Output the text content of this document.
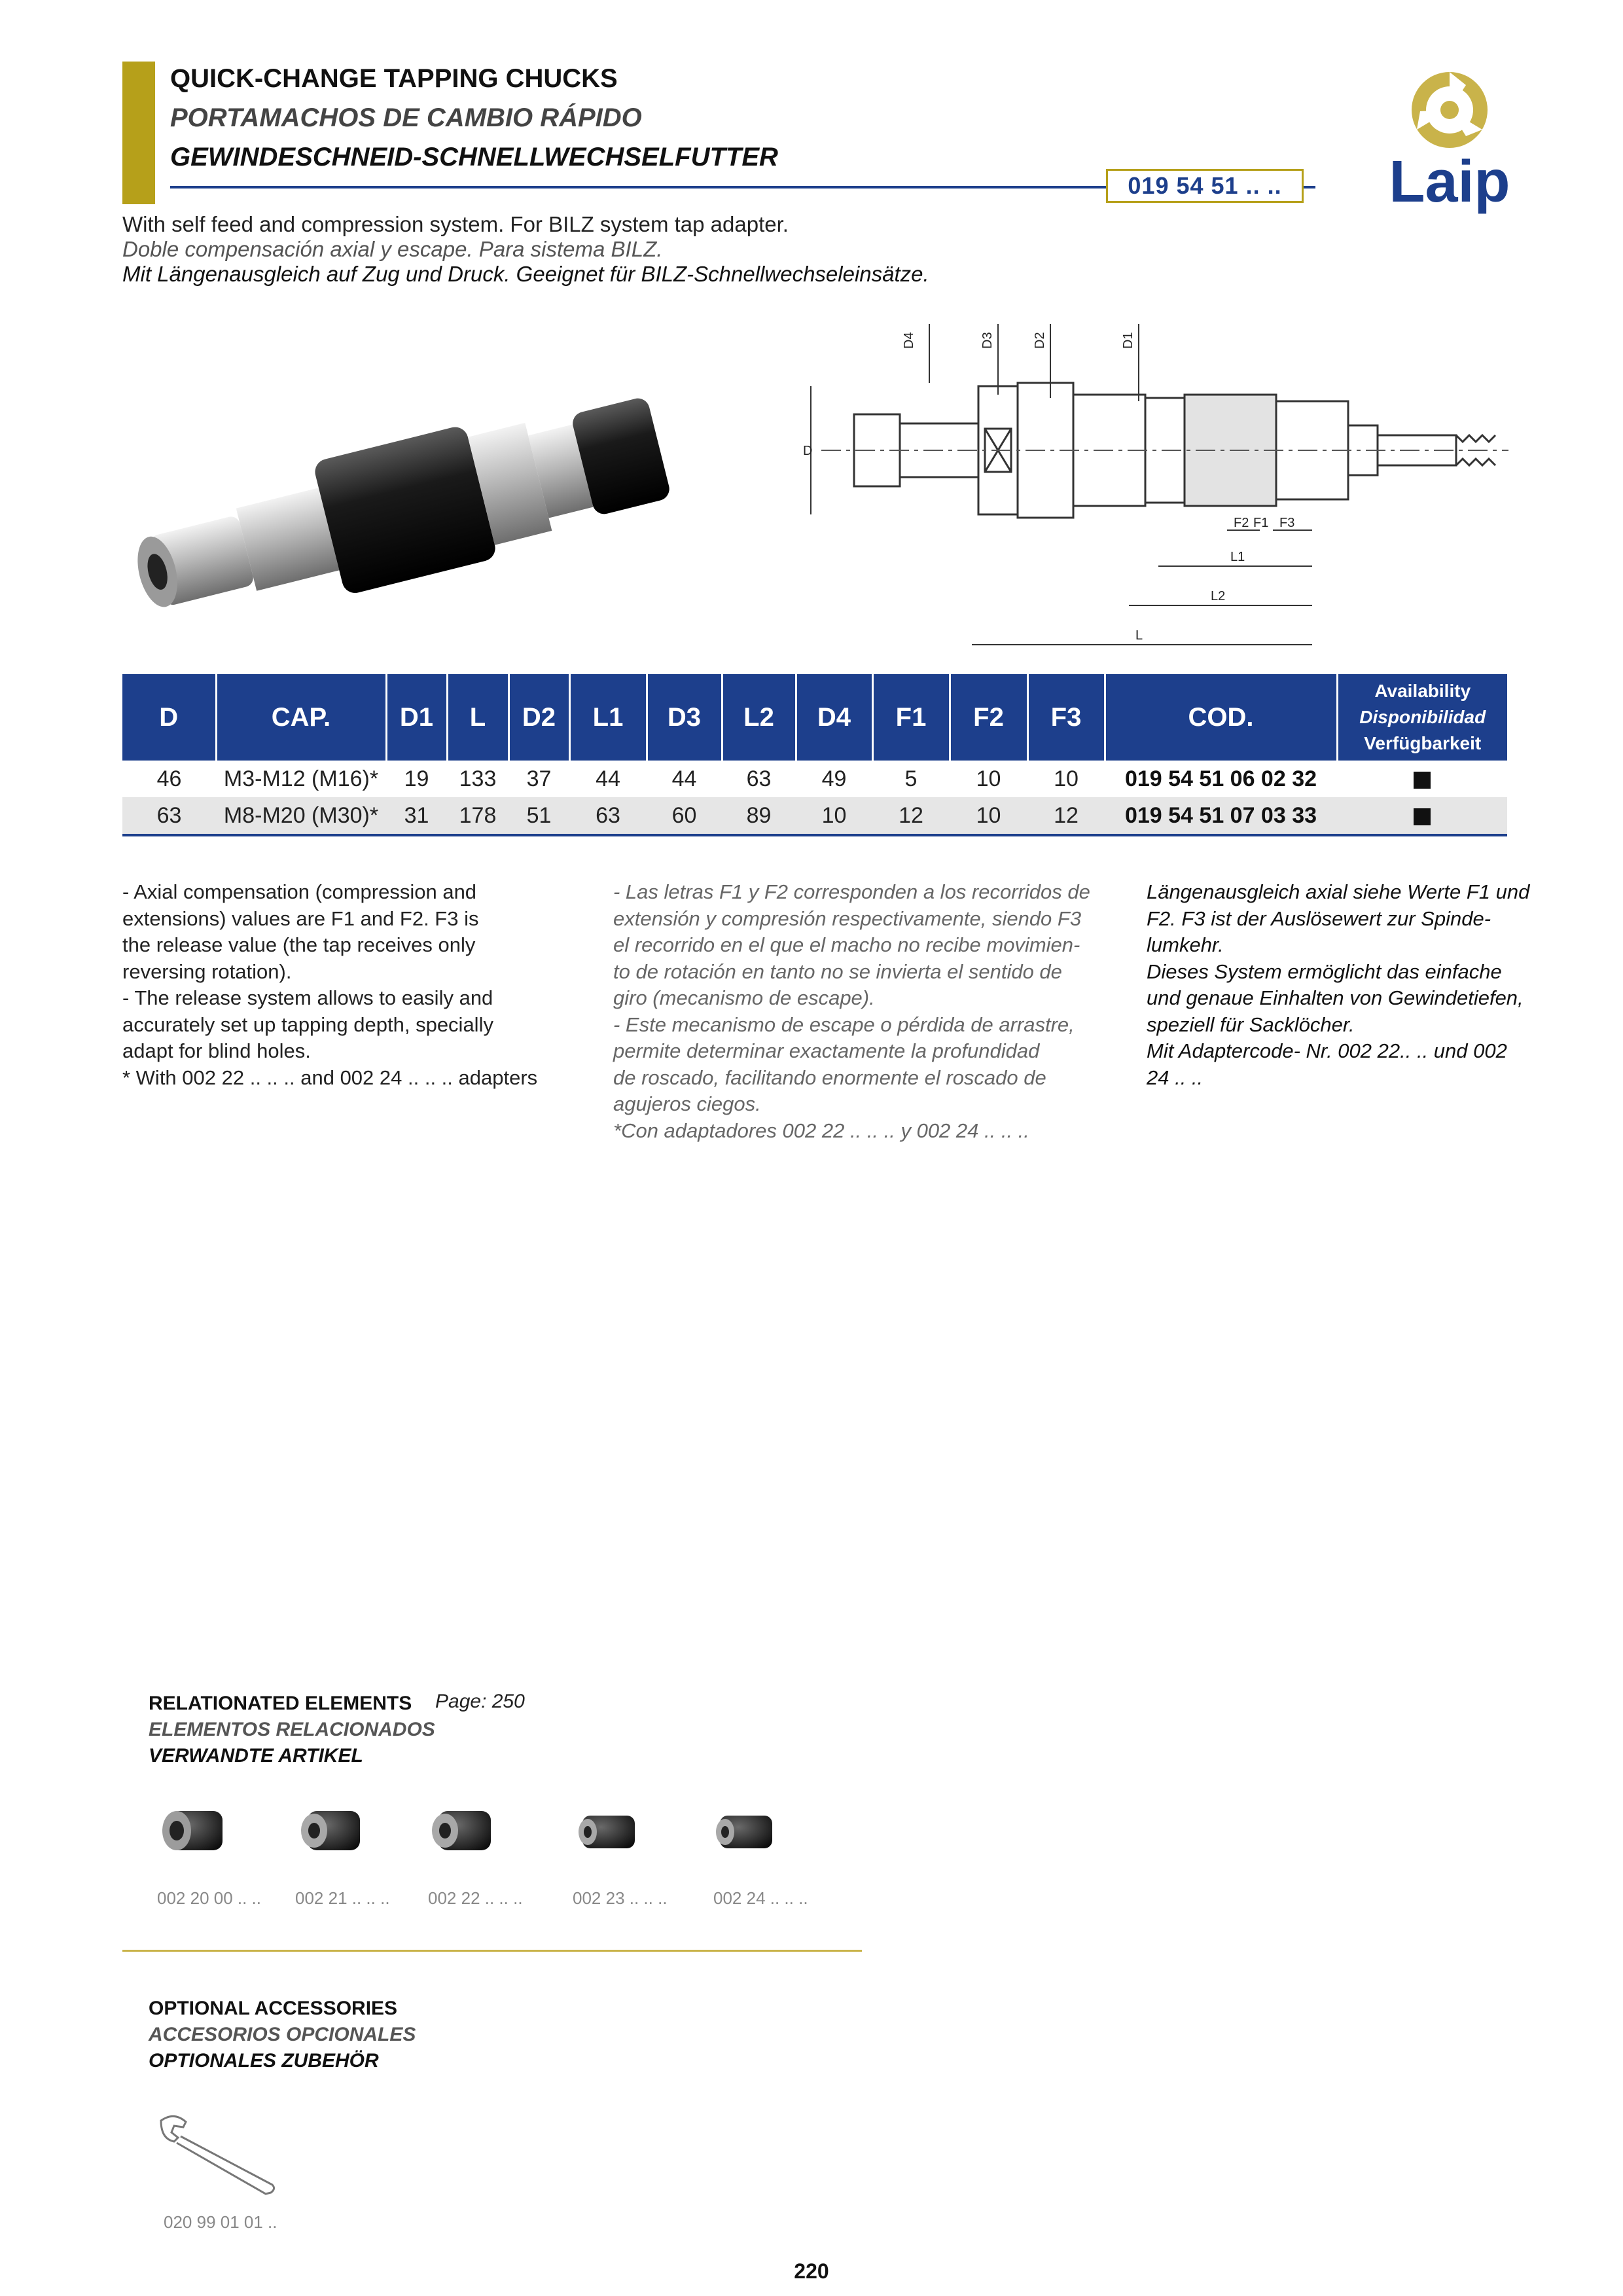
QUICK-CHANGE TAPPING CHUCKS
PORTAMACHOS DE CAMBIO RÁPIDO
GEWINDESCHNEID-SCHNELLWECHSELFUTTER
019 54 51 .. ..	Laip
With self feed and compression system. For BILZ system tap adapter.
Doble compensación axial y escape. Para sistema BILZ.
Mit Längenausgleich auf Zug und Druck. Geeignet für BILZ-Schnellwechseleinsätze.
D4	D3	D2	D1
D
F2 F1 F3
L1
L2
L
D	CAP.	D1	L	D2	L1	D3	L2	D4	F1	F2	F3	COD.	Availability
Disponibilidad
Verfügbarkeit

46	M3-M12 (M16)*	19	133	37	44	44	63	49	5	10	10	019 54 51 06 02 32	
63	M8-M20 (M30)*	31	178	51	63	60	89	10	12	10	12	019 54 51 07 03 33	
- Axial compensation (compression and
extensions) values are F1 and F2. F3 is
the release value (the tap receives only
reversing rotation).
- The release system allows to easily and
accurately set up tapping depth, specially
adapt for blind holes.
* With 002 22 .. .. .. and 002 24 .. .. .. adapters
- Las letras F1 y F2 corresponden a los recorridos de
extensión y compresión respectivamente, siendo F3
el recorrido en el que el macho no recibe movimien-
to de rotación en tanto no se invierta el sentido de
giro (mecanismo de escape).
- Este mecanismo de escape o pérdida de arrastre,
permite determinar exactamente la profundidad
de roscado, facilitando enormente el roscado de
agujeros ciegos.
*Con adaptadores 002 22 .. .. .. y 002 24 .. .. ..
Längenausgleich axial siehe Werte F1 und
F2. F3 ist der Auslösewert zur Spinde-
lumkehr.
Dieses System ermöglicht das einfache
und genaue Einhalten von Gewindetiefen,
speziell für Sacklöcher.
Mit Adaptercode- Nr. 002 22.. .. und 002
24 .. ..
RELATIONATED ELEMENTS
ELEMENTOS RELACIONADOS
VERWANDTE ARTIKEL
Page: 250
002 20 00 .. .. 002 21 .. .. .. 002 22 .. .. ..	002 23 .. .. ..	002 24 .. .. ..
OPTIONAL ACCESSORIES
ACCESORIOS OPCIONALES
OPTIONALES ZUBEHÖR
020 99 01 01 ..
220
